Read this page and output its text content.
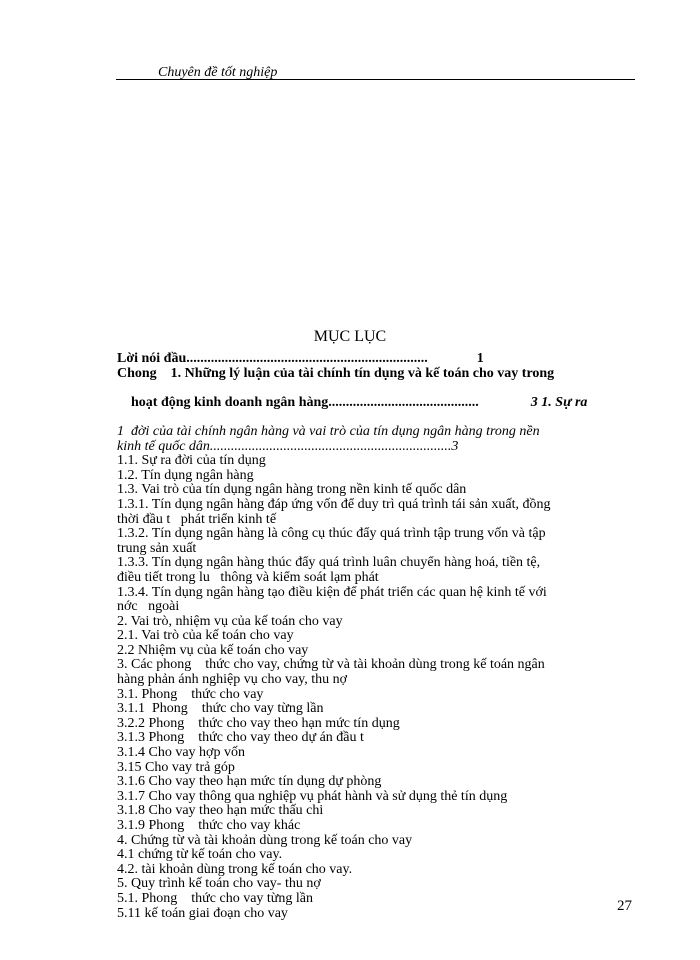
Chuyên đề tốt nghiệp
MỤC LỤC
Lời nói đầu.....................................................................              1
Chong    1. Những lý luận của tài chính tín dụng và kế toán cho vay trong

hoạt động kinh doanh ngân hàng...........................................	3 1. Sự ra

1  đời của tài chính ngân hàng và vai trò của tín dụng ngân hàng trong nền
kinh tế quốc dân.....................................................................3
1.1. Sự ra đời của tín dụng
1.2. Tín dụng ngân hàng
1.3. Vai trò của tín dụng ngân hàng trong nền kinh tế quốc dân
1.3.1. Tín dụng ngân hàng đáp ứng vốn để duy trì quá trình tái sản xuất, đồng
thời đầu t   phát triển kinh tế
1.3.2. Tín dụng ngân hàng là công cụ thúc đẩy quá trình tập trung vốn và tập
trung sản xuất
1.3.3. Tín dụng ngân hàng thúc đẩy quá trình luân chuyển hàng hoá, tiền tệ,
điều tiết trong lu   thông và kiểm soát lạm phát
1.3.4. Tín dụng ngân hàng tạo điều kiện để phát triển các quan hệ kinh tế với
nớc   ngoài
2. Vai trò, nhiệm vụ của kế toán cho vay
2.1. Vai trò của kế toán cho vay
2.2 Nhiệm vụ của kế toán cho vay
3. Các phong    thức cho vay, chứng từ và tài khoản dùng trong kế toán ngân
hàng phản ánh nghiệp vụ cho vay, thu nợ
3.1. Phong    thức cho vay
3.1.1  Phong    thức cho vay từng lần
3.2.2 Phong    thức cho vay theo hạn mức tín dụng
3.1.3 Phong    thức cho vay theo dự án đầu t
3.1.4 Cho vay hợp vốn
3.15 Cho vay trả góp
3.1.6 Cho vay theo hạn mức tín dụng dự phòng
3.1.7 Cho vay thông qua nghiệp vụ phát hành và sử dụng thẻ tín dụng
3.1.8 Cho vay theo hạn mức thấu chi
3.1.9 Phong    thức cho vay khác
4. Chứng từ và tài khoản dùng trong kế toán cho vay
4.1 chứng từ kế toán cho vay.
4.2. tài khoản dùng trong kế toán cho vay.
5. Quy trình kế toán cho vay- thu nợ
5.1. Phong    thức cho vay từng lần
5.11 kế toán giai đoạn cho vay	27
